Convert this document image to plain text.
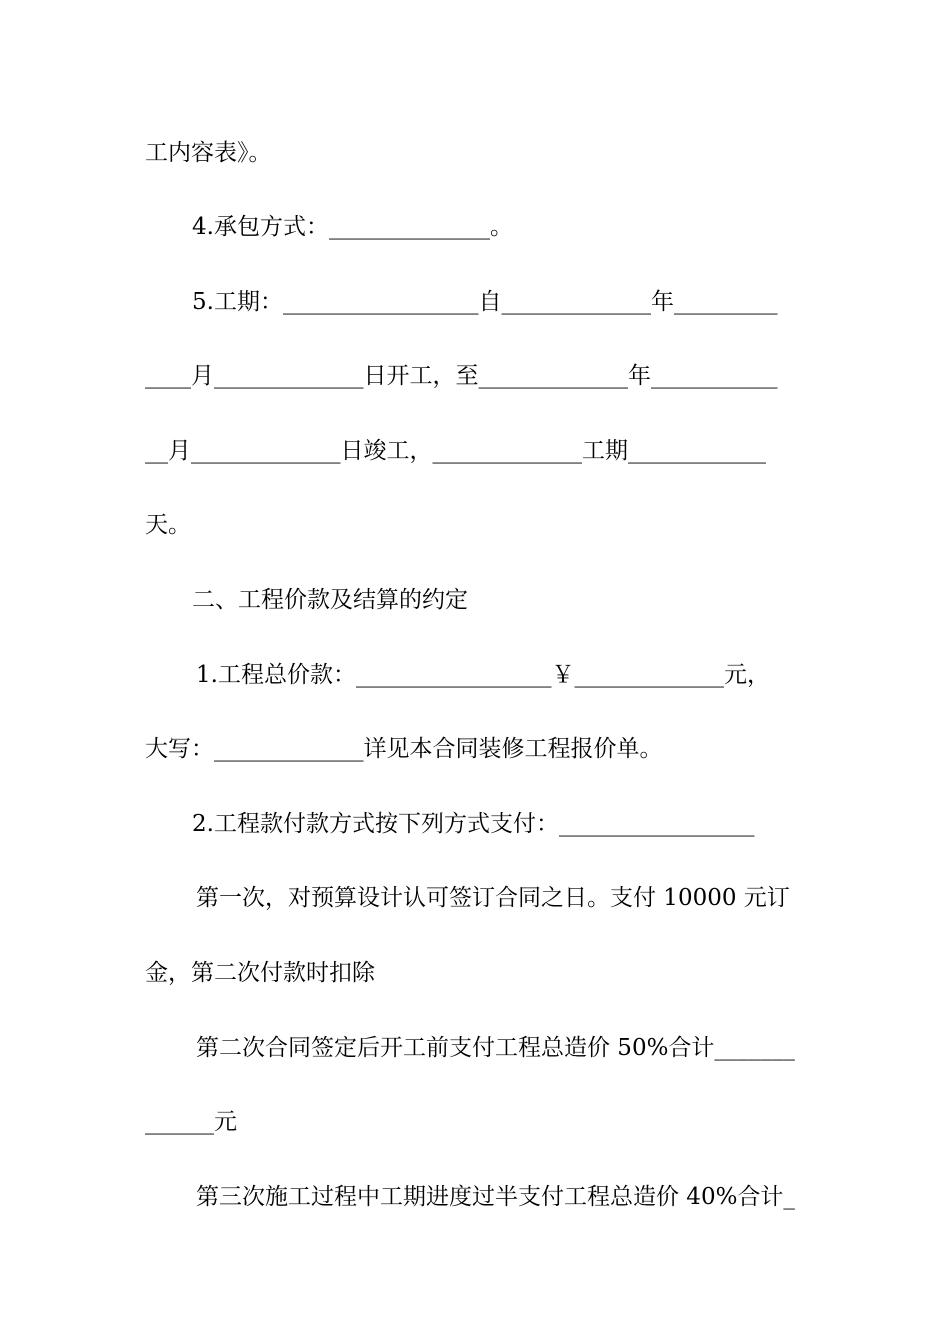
工内容表》。
4.承包方式：______________。
5.工期：_________________自_____________年_________
____月_____________日开工，至_____________年___________
__月_____________日竣工，_____________工期____________
天。
二、工程价款及结算的约定
1.工程总价款：_________________￥_____________元，
大写：_____________详见本合同装修工程报价单。
2.工程款付款方式按下列方式支付：_________________
第一次，对预算设计认可签订合同之日。支付 10000 元订
金，第二次付款时扣除
第二次合同签定后开工前支付工程总造价 50%合计_______
______元
第三次施工过程中工期进度过半支付工程总造价 40%合计_
